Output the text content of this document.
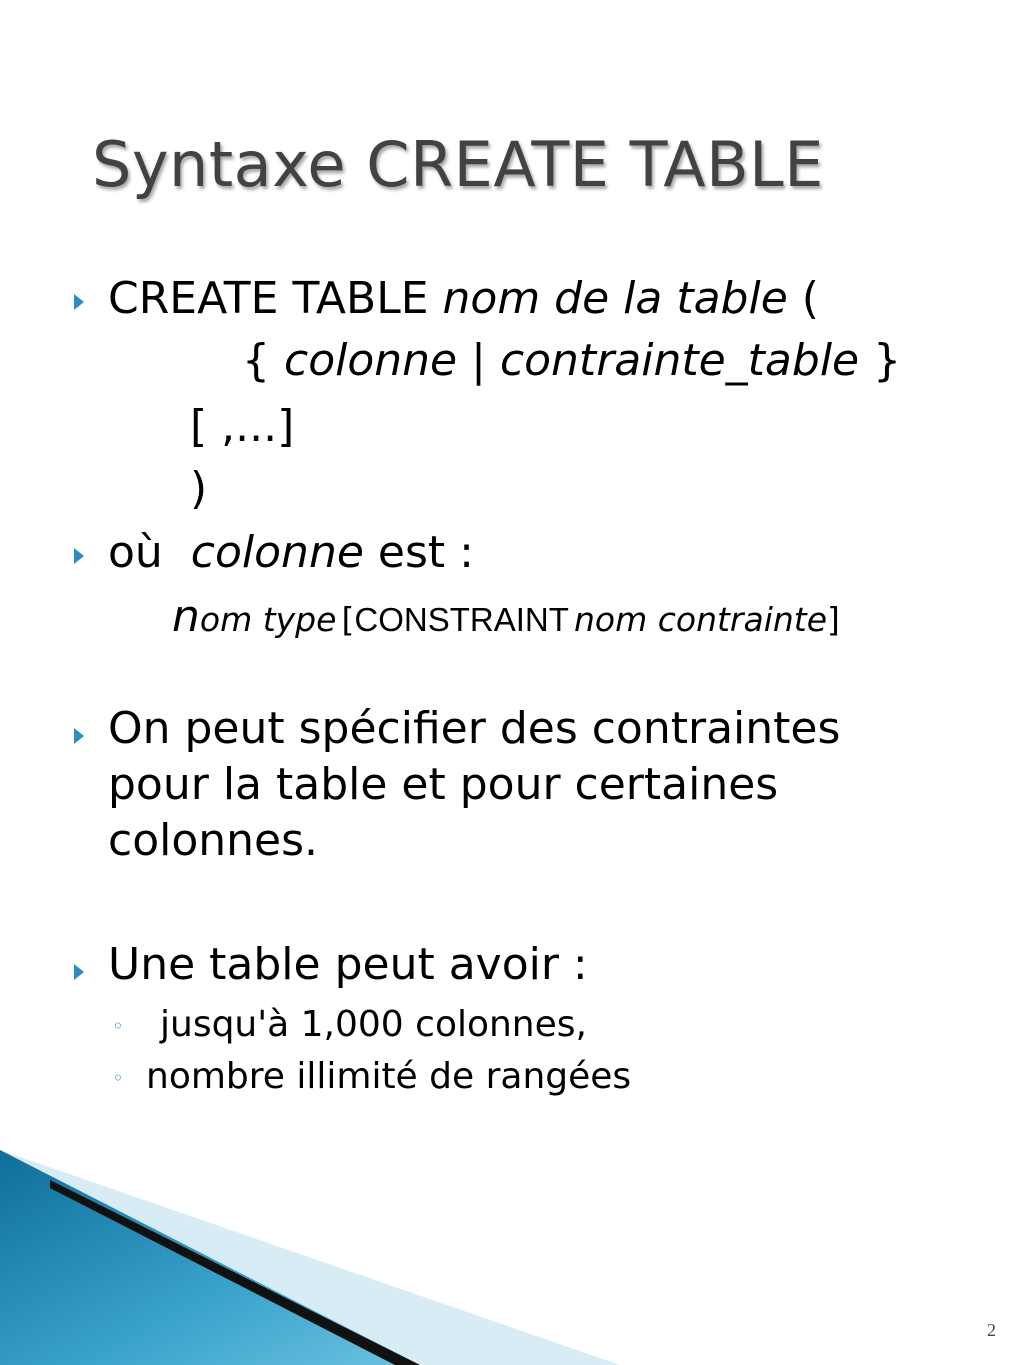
Syntaxe CREATE TABLE
CREATE TABLE nom de la table (
{ colonne | contrainte_table }
[ ,...]
)
où colonne est :
nom type [CONSTRAINT nom contrainte]
On peut spécifier des contraintes
pour la table et pour certaines
colonnes.
Une table peut avoir :
◦ jusqu'à 1,000 colonnes,
◦ nombre illimité de rangées
2
